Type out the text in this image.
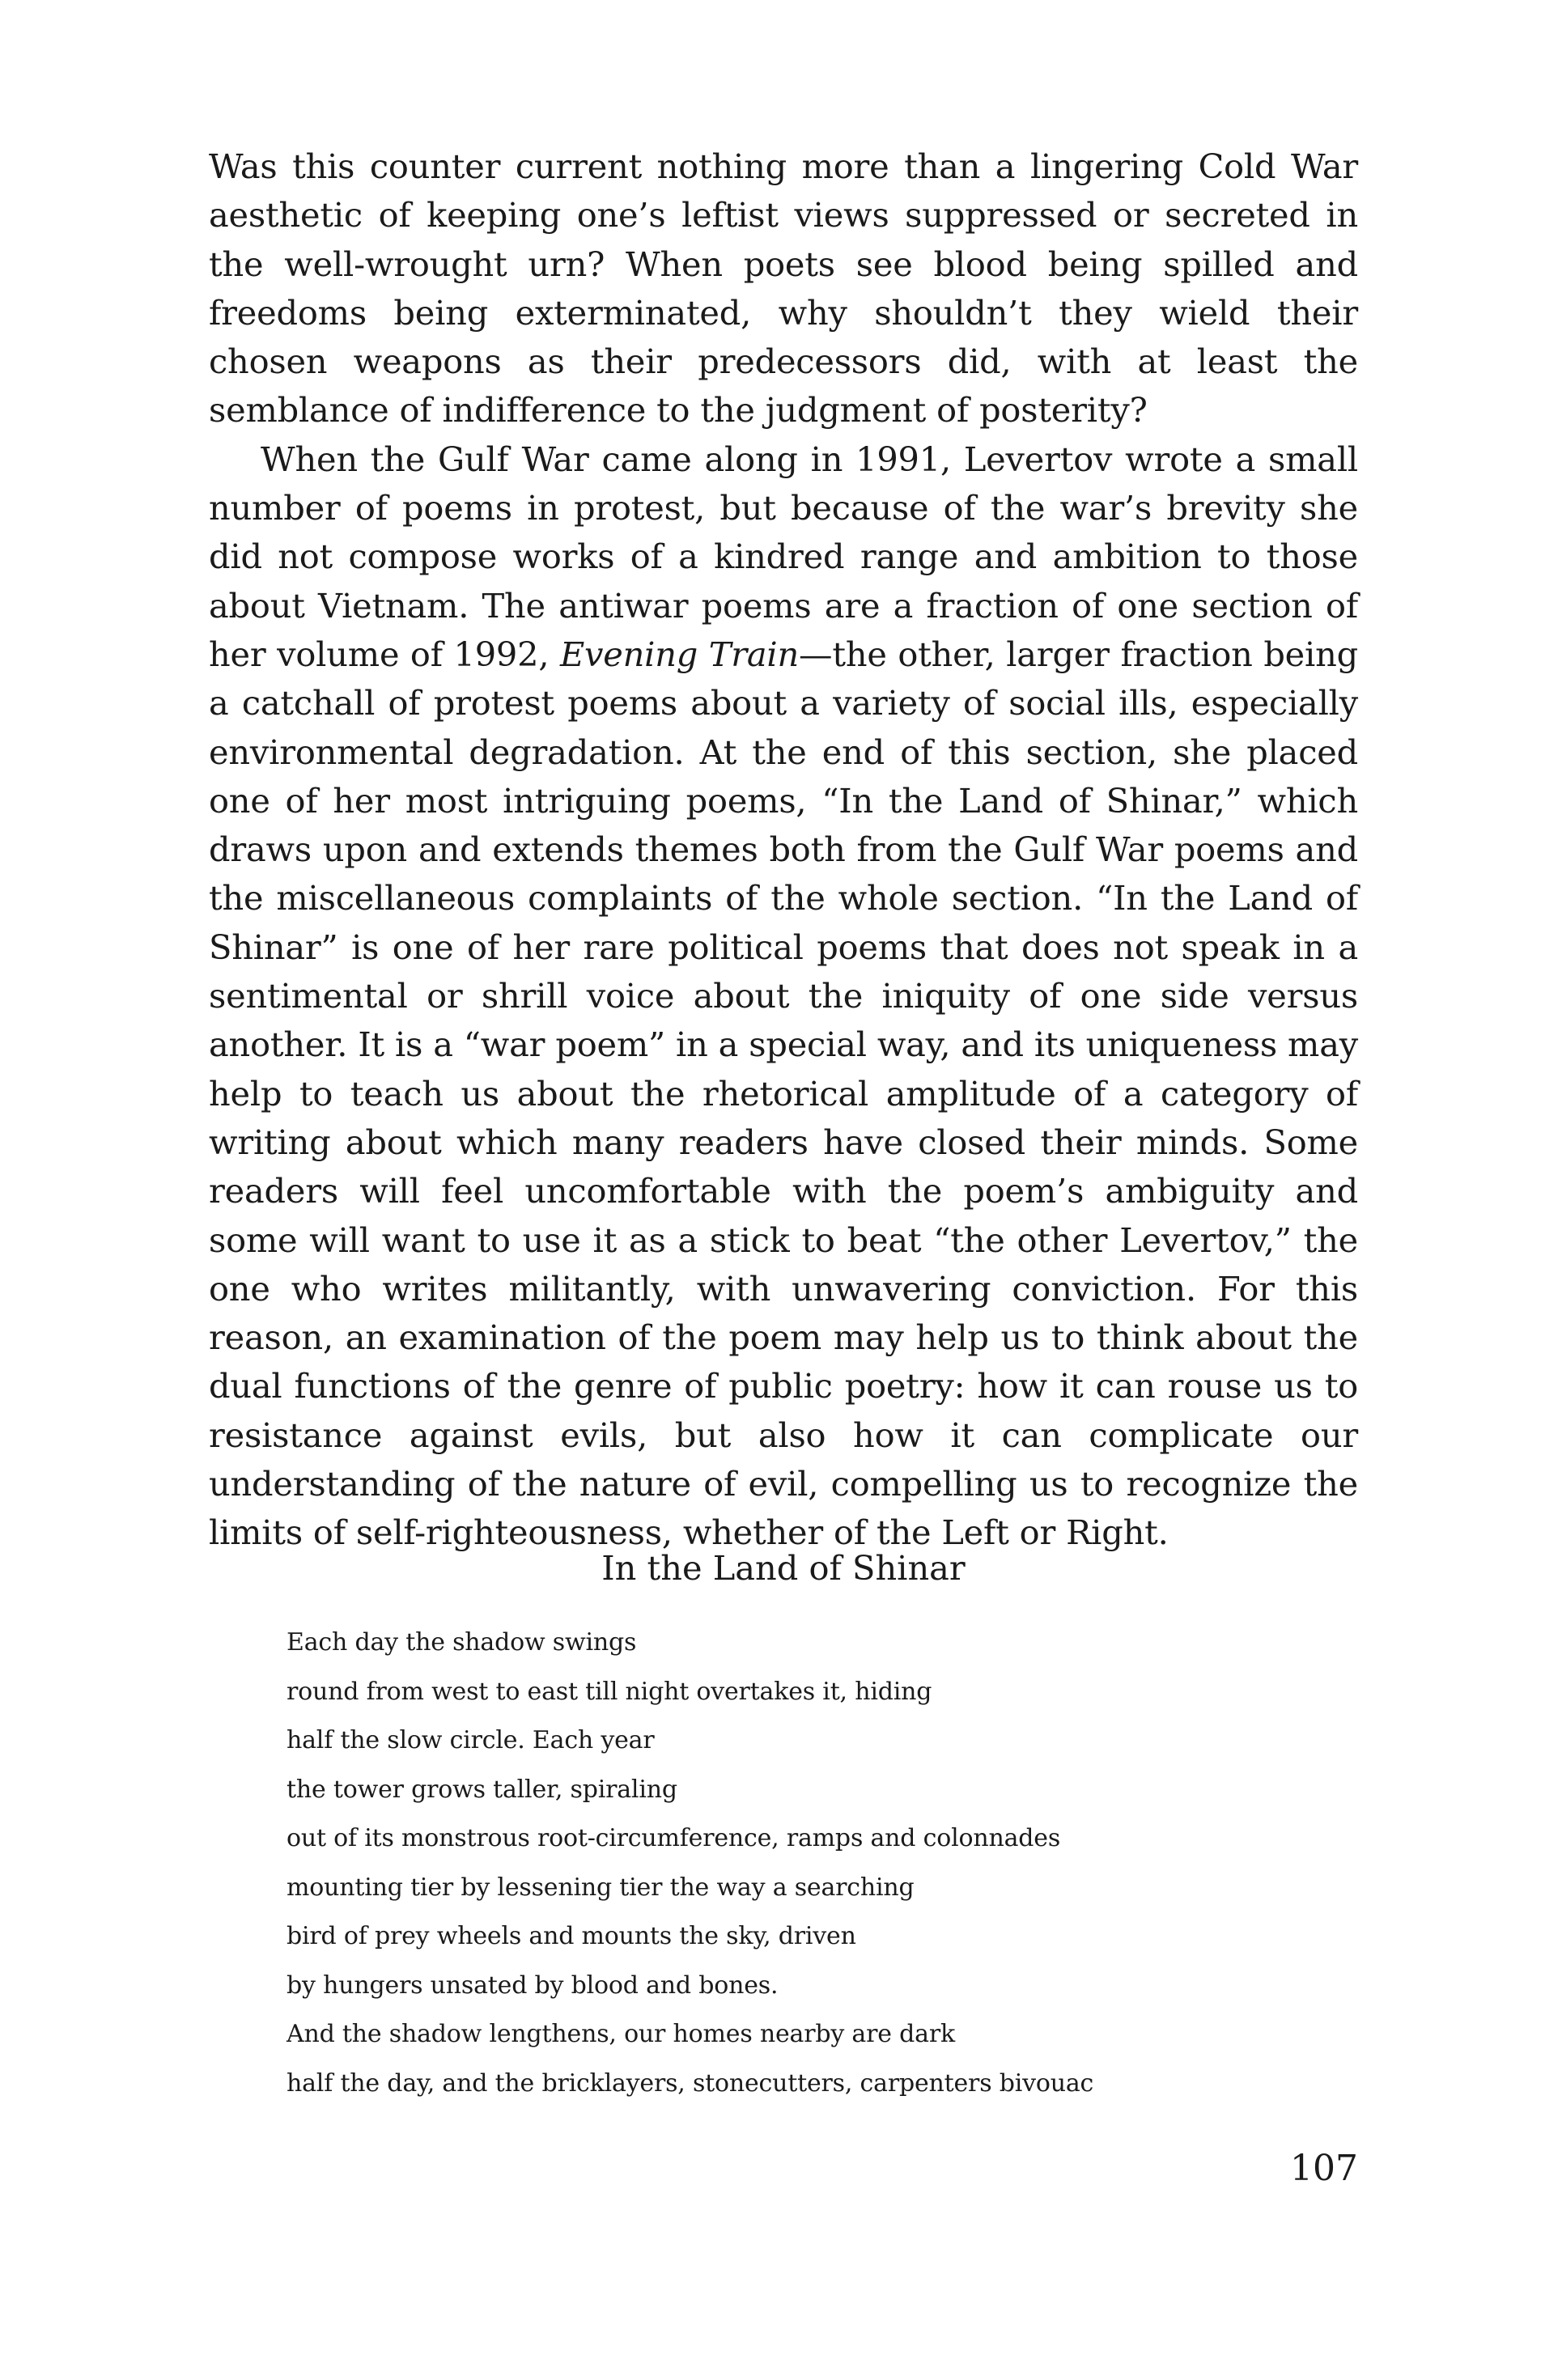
Was this counter current nothing more than a lingering Cold War aesthetic of keeping one’s leftist views suppressed or secreted in the well-wrought urn? When poets see blood being spilled and freedoms being exterminated, why shouldn’t they wield their chosen weapons as their predecessors did, with at least the semblance of indifference to the judgment of posterity?

When the Gulf War came along in 1991, Levertov wrote a small number of poems in protest, but because of the war’s brevity she did not compose works of a kindred range and ambition to those about Vietnam. The antiwar poems are a fraction of one section of her volume of 1992, Evening Train—the other, larger fraction being a catchall of protest poems about a variety of social ills, especially environmental degradation. At the end of this section, she placed one of her most intriguing poems, “In the Land of Shinar,” which draws upon and extends themes both from the Gulf War poems and the miscellaneous complaints of the whole section. “In the Land of Shinar” is one of her rare political poems that does not speak in a sentimental or shrill voice about the iniquity of one side versus another. It is a “war poem” in a special way, and its uniqueness may help to teach us about the rhetorical amplitude of a category of writing about which many readers have closed their minds. Some readers will feel uncomfortable with the poem’s ambiguity and some will want to use it as a stick to beat “the other Levertov,” the one who writes militantly, with unwavering conviction. For this reason, an examination of the poem may help us to think about the dual functions of the genre of public poetry: how it can rouse us to resistance against evils, but also how it can complicate our understanding of the nature of evil, compelling us to recognize the limits of self-righteousness, whether of the Left or Right.

In the Land of Shinar

Each day the shadow swings
round from west to east till night overtakes it, hiding
half the slow circle. Each year
the tower grows taller, spiraling
out of its monstrous root-circumference, ramps and colonnades
mounting tier by lessening tier the way a searching
bird of prey wheels and mounts the sky, driven
by hungers unsated by blood and bones.
And the shadow lengthens, our homes nearby are dark
half the day, and the bricklayers, stonecutters, carpenters bivouac
107
